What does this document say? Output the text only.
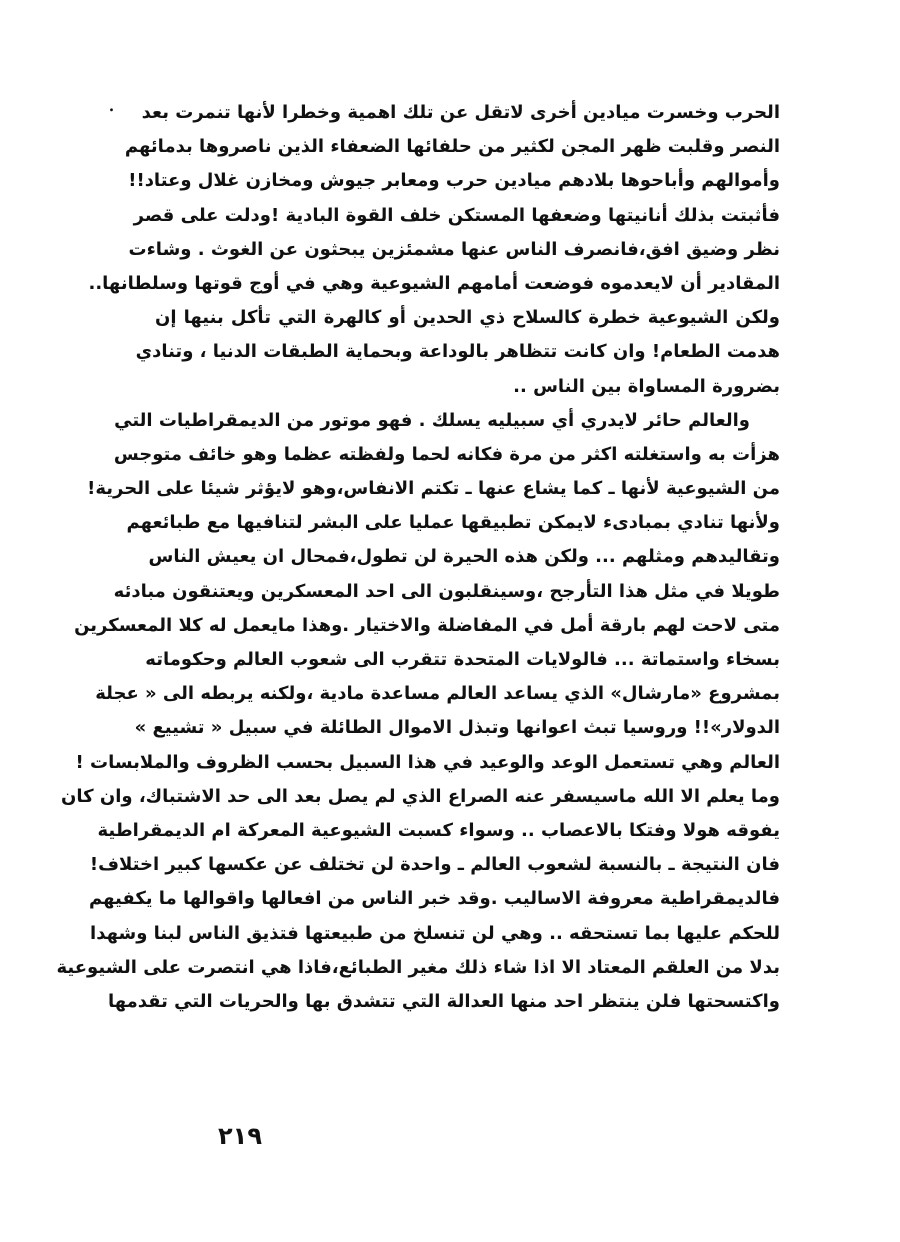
. الحرب وخسرت ميادين أخرى لاتقل عن تلك اهمية وخطرا لأنها تنمرت بعد
النصر وقلبت ظهر المجن لكثير من حلفائها الضعفاء الذين ناصروها بدمائهم
وأموالهم وأباحوها بلادهم ميادين حرب ومعابر جيوش ومخازن غلال وعتاد!!
فأثبتت بذلك أنانيتها وضعفها المستكن خلف القوة البادية !ودلت على قصر
نظر وضيق افق،فانصرف الناس عنها مشمئزين يبحثون عن الغوث . وشاءت
المقادير أن لايعدموه فوضعت أمامهم الشيوعية وهي في أوج قوتها وسلطانها..
ولكن الشيوعية خطرة كالسلاح ذي الحدين أو كالهرة التي تأكل بنيها إن
هدمت الطعام! وان كانت تتظاهر بالوداعة وبحماية الطبقات الدنيا ، وتنادي
بضرورة المساواة بين الناس ..
والعالم حائر لايدري أي سبيليه يسلك . فهو موتور من الديمقراطيات التي
هزأت به واستغلته اكثر من مرة فكانه لحما ولفظته عظما وهو خائف متوجس
من الشيوعية لأنها ـ كما يشاع عنها ـ تكتم الانفاس،وهو لايؤثر شيئا على الحرية!
ولأنها تنادي بمبادىء لايمكن تطبيقها عمليا على البشر لتنافيها مع طبائعهم
وتقاليدهم ومثلهم ... ولكن هذه الحيرة لن تطول،فمحال ان يعيش الناس
طويلا في مثل هذا التأرجح ،وسينقلبون الى احد المعسكرين ويعتنقون مبادئه
متى لاحت لهم بارقة أمل في المفاضلة والاختيار .وهذا مايعمل له كلا المعسكرين
بسخاء واستماتة ... فالولايات المتحدة تتقرب الى شعوب العالم وحكوماته
بمشروع «مارشال» الذي يساعد العالم مساعدة مادية ،ولكنه يربطه الى « عجلة
الدولار»!! وروسيا تبث اعوانها وتبذل الاموال الطائلة في سبيل « تشييع »
العالم وهي تستعمل الوعد والوعيد في هذا السبيل بحسب الظروف والملابسات !
وما يعلم الا الله ماسيسفر عنه الصراع الذي لم يصل بعد الى حد الاشتباك، وان كان
يفوقه هولا وفتكا بالاعصاب .. وسواء كسبت الشيوعية المعركة ام الديمقراطية
فان النتيجة ـ بالنسبة لشعوب العالم ـ واحدة لن تختلف عن عكسها كبير اختلاف!
فالديمقراطية معروفة الاساليب .وقد خبر الناس من افعالها واقوالها ما يكفيهم
للحكم عليها بما تستحقه .. وهي لن تنسلخ من طبيعتها فتذيق الناس لبنا وشهدا
بدلا من العلقم المعتاد الا اذا شاء ذلك مغير الطبائع،فاذا هي انتصرت على الشيوعية
واكتسحتها فلن ينتظر احد منها العدالة التي تتشدق بها والحريات التي تقدمها
٢١٩
